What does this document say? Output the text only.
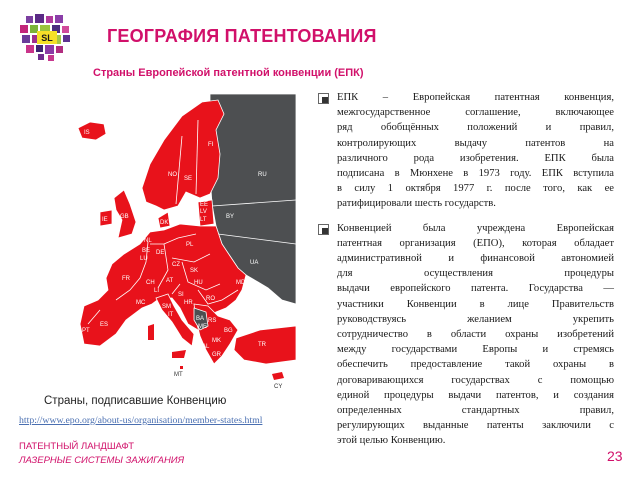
SL	ГЕОГРАФИЯ ПАТЕНТОВАНИЯ
Страны Европейской патентной конвенции (ЕПК)
IS
FI
NO
SE
EE
LV
LT
DK
GB
IE
NL
BE
LU
DE
PL
CZ
SK
FR
CH
LI
AT	HU
SI
HR
RO
RS
BG
MK
AL
GR
TR
IT
SM
MC
ES
PT
MT
CY
RU
BY
UA
MD
BA
ME
Страны, подписавшие Конвенцию
http://www.epo.org/about-us/organisation/member-states.html
ЕПК – Европейская патентная конвенция,
межгосударственное соглашение, включающее
ряд обобщённых положений и правил,
контролирующих выдачу патентов на
различного рода изобретения. ЕПК была
подписана в Мюнхене в 1973 году. ЕПК вступила
в силу 1 октября 1977 г. после того, как ее
ратифицировали шесть государств.
Конвенцией была учреждена Европейская
патентная организация (ЕПО), которая обладает
административной и финансовой автономией
для осуществления процедуры
выдачи европейского патента. Государства —
участники Конвенции в лице Правительств
руководствуясь желанием укрепить
сотрудничество в области охраны изобретений
между государствами Европы и стремясь
обеспечить предоставление такой охраны в
договаривающихся государствах с помощью
единой процедуры выдачи патентов, и создания
определенных стандартных правил,
регулирующих выданные патенты заключили с
этой целью Конвенцию.
ПАТЕНТНЫЙ ЛАНДШАФТ
ЛАЗЕРНЫЕ СИСТЕМЫ ЗАЖИГАНИЯ	23
